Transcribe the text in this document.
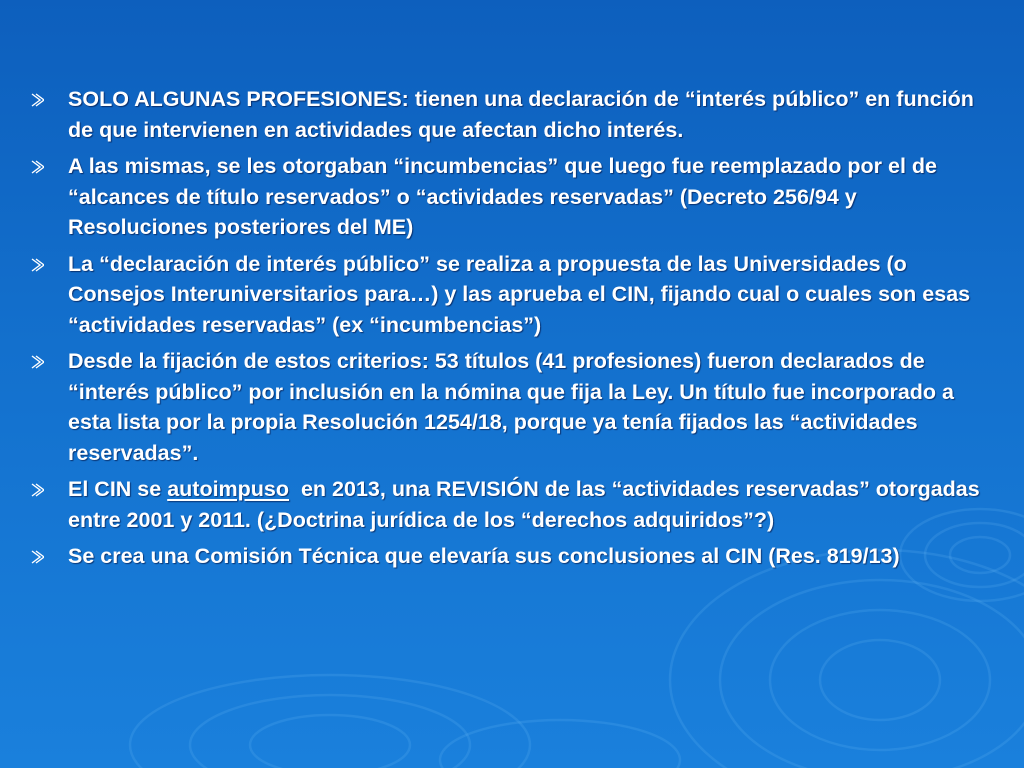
SOLO ALGUNAS PROFESIONES: tienen una declaración de “interés público” en función de que intervienen en actividades que afectan dicho interés.
A las mismas, se les otorgaban “incumbencias” que luego fue reemplazado por el de “alcances de título reservados” o “actividades reservadas” (Decreto 256/94 y Resoluciones posteriores del ME)
La “declaración de interés público” se realiza a propuesta de las Universidades (o Consejos Interuniversitarios para…) y las aprueba el CIN, fijando cual o cuales son esas “actividades reservadas” (ex “incumbencias”)
Desde la fijación de estos criterios: 53 títulos (41 profesiones) fueron declarados de “interés público” por inclusión en la nómina que fija la Ley. Un título fue incorporado a esta lista por la propia Resolución 1254/18, porque ya tenía fijados las “actividades reservadas”.
El CIN se autoimpuso  en 2013, una REVISIÓN de las “actividades reservadas” otorgadas entre 2001 y 2011. (¿Doctrina jurídica de los “derechos adquiridos”?)
Se crea una Comisión Técnica que elevaría sus conclusiones al CIN (Res. 819/13)
